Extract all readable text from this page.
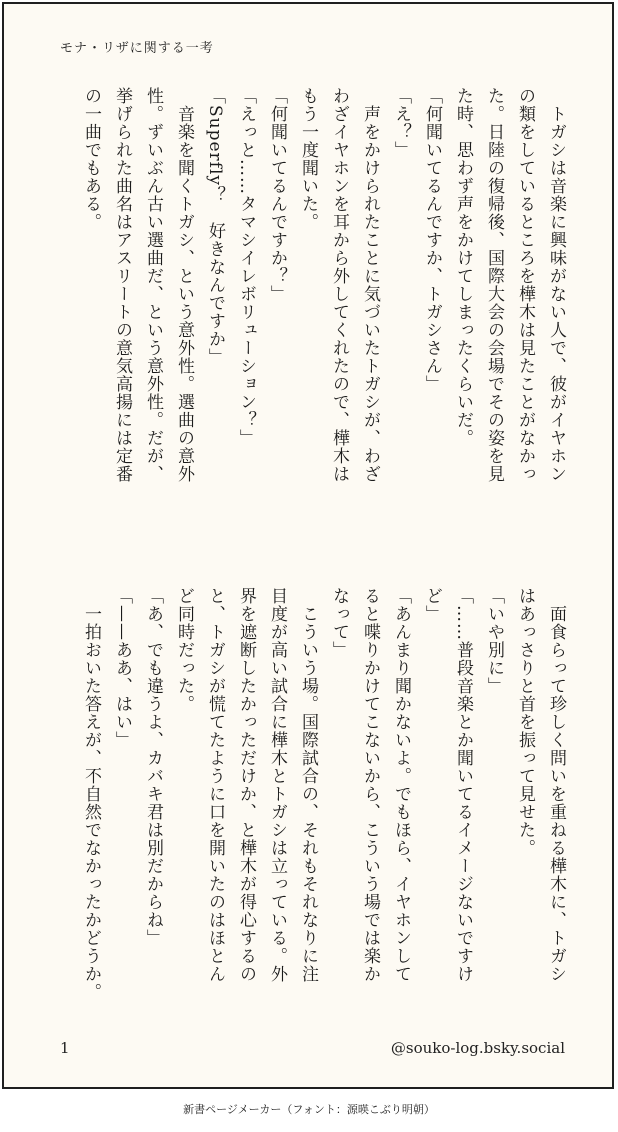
モナ・リザに関する一考
　トガシは音楽に興味がない人で、彼がイヤホン
の類をしているところを樺木は見たことがなかっ
た。日陸の復帰後、国際大会の会場でその姿を見
た時、思わず声をかけてしまったくらいだ。
「何聞いてるんですか、トガシさん」
「え？」
　声をかけられたことに気づいたトガシが、わざ
わざイヤホンを耳から外してくれたので、樺木は
もう一度聞いた。
「何聞いてるんですか？」
「えっと……タマシイレボリューション？」
「Superfly？　好きなんですか」
　音楽を聞くトガシ、という意外性。選曲の意外
性。ずいぶん古い選曲だ、という意外性。だが、
挙げられた曲名はアスリートの意気高揚には定番
の一曲でもある。
　面食らって珍しく問いを重ねる樺木に、トガシ
はあっさりと首を振って見せた。
「いや別に」
「……普段音楽とか聞いてるイメージないですけ
ど」
「あんまり聞かないよ。でもほら、イヤホンして
ると喋りかけてこないから、こういう場では楽か
なって」
　こういう場。国際試合の、それもそれなりに注
目度が高い試合に樺木とトガシは立っている。外
界を遮断したかっただけか、と樺木が得心するの
と、トガシが慌てたように口を開いたのはほとん
ど同時だった。
「あ、でも違うよ、カバキ君は別だからね」
「——ああ、はい」
　一拍おいた答えが、不自然でなかったかどうか。
1	@souko-log.bsky.social
新書ページメーカー（フォント：源暎こぶり明朝）
